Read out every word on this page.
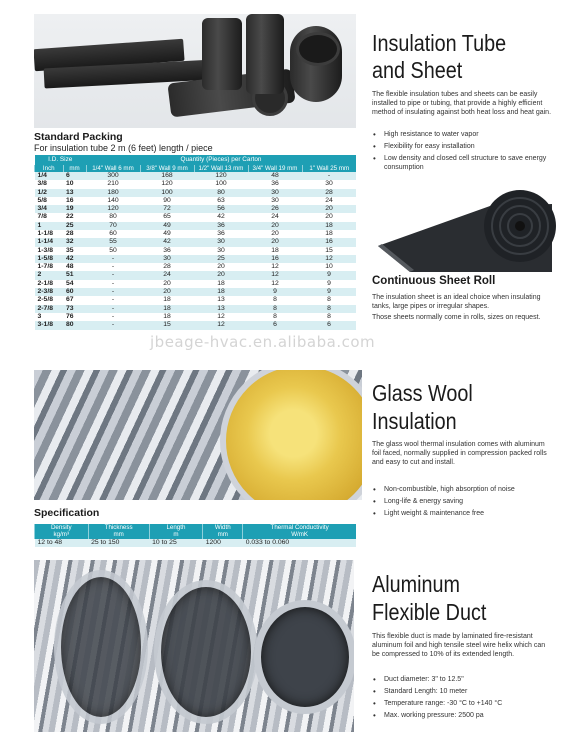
Insulation Tube
and Sheet
The flexible insulation tubes and sheets can be easily installed to pipe or tubing, that provide a highly efficient method of insulating against both heat loss and heat gain.
• High resistance to water vapor
• Flexibility for easy installation
• Low density and closed cell structure to save energy consumption
Continuous Sheet Roll
The insulation sheet is an ideal choice when insulating tanks, large pipes or irregular shapes.
Those sheets normally come in rolls, sizes on request.
Standard Packing
For insulation tube 2 m (6 feet) length / piece
I.D. Size		Quantity (Pieces) per Carton				
Inch	mm	1/4" Wall 6 mm	3/8" Wall 9 mm	1/2" Wall 13 mm	3/4" Wall 19 mm	1" Wall 25 mm
1/4	6	300	168	120	48	-
3/8	10	210	120	100	36	30
1/2	13	180	100	80	30	28
5/8	16	140	90	63	30	24
3/4	19	120	72	56	26	20
7/8	22	80	65	42	24	20
1	25	70	49	36	20	18
1-1/8	28	60	49	36	20	18
1-1/4	32	55	42	30	20	16
1-3/8	35	50	36	30	18	15
1-5/8	42	-	30	25	16	12
1-7/8	48	-	28	20	12	10
2	51	-	24	20	12	9
2-1/8	54	-	20	18	12	9
2-3/8	60	-	20	18	9	9
2-5/8	67	-	18	13	8	8
2-7/8	73	-	18	13	8	8
3	76	-	18	12	8	8
3-1/8	80	-	15	12	6	6
jbeage-hvac.en.alibaba.com
Glass Wool
Insulation
The glass wool thermal insulation comes with aluminum foil faced, normally supplied in compression packed rolls and easy to cut and install.
• Non-combustible, high absorption of noise
• Long-life & energy saving
• Light weight & maintenance free
Specification
Density	Thickness	Length	Width	Thermal Conductivity
kg/m³	mm	m	mm	W/mK
12 to 48	25 to 150	10 to 25	1200	0.033 to 0.060
Aluminum
Flexible Duct
This flexible duct is made by laminated fire-resistant aluminum foil and high tensile steel wire helix which can be compressed to 10% of its extended length.
• Duct diameter: 3" to 12.5"
• Standard Length: 10 meter
• Temperature range: -30 °C to +140 °C
• Max. working pressure: 2500 pa
